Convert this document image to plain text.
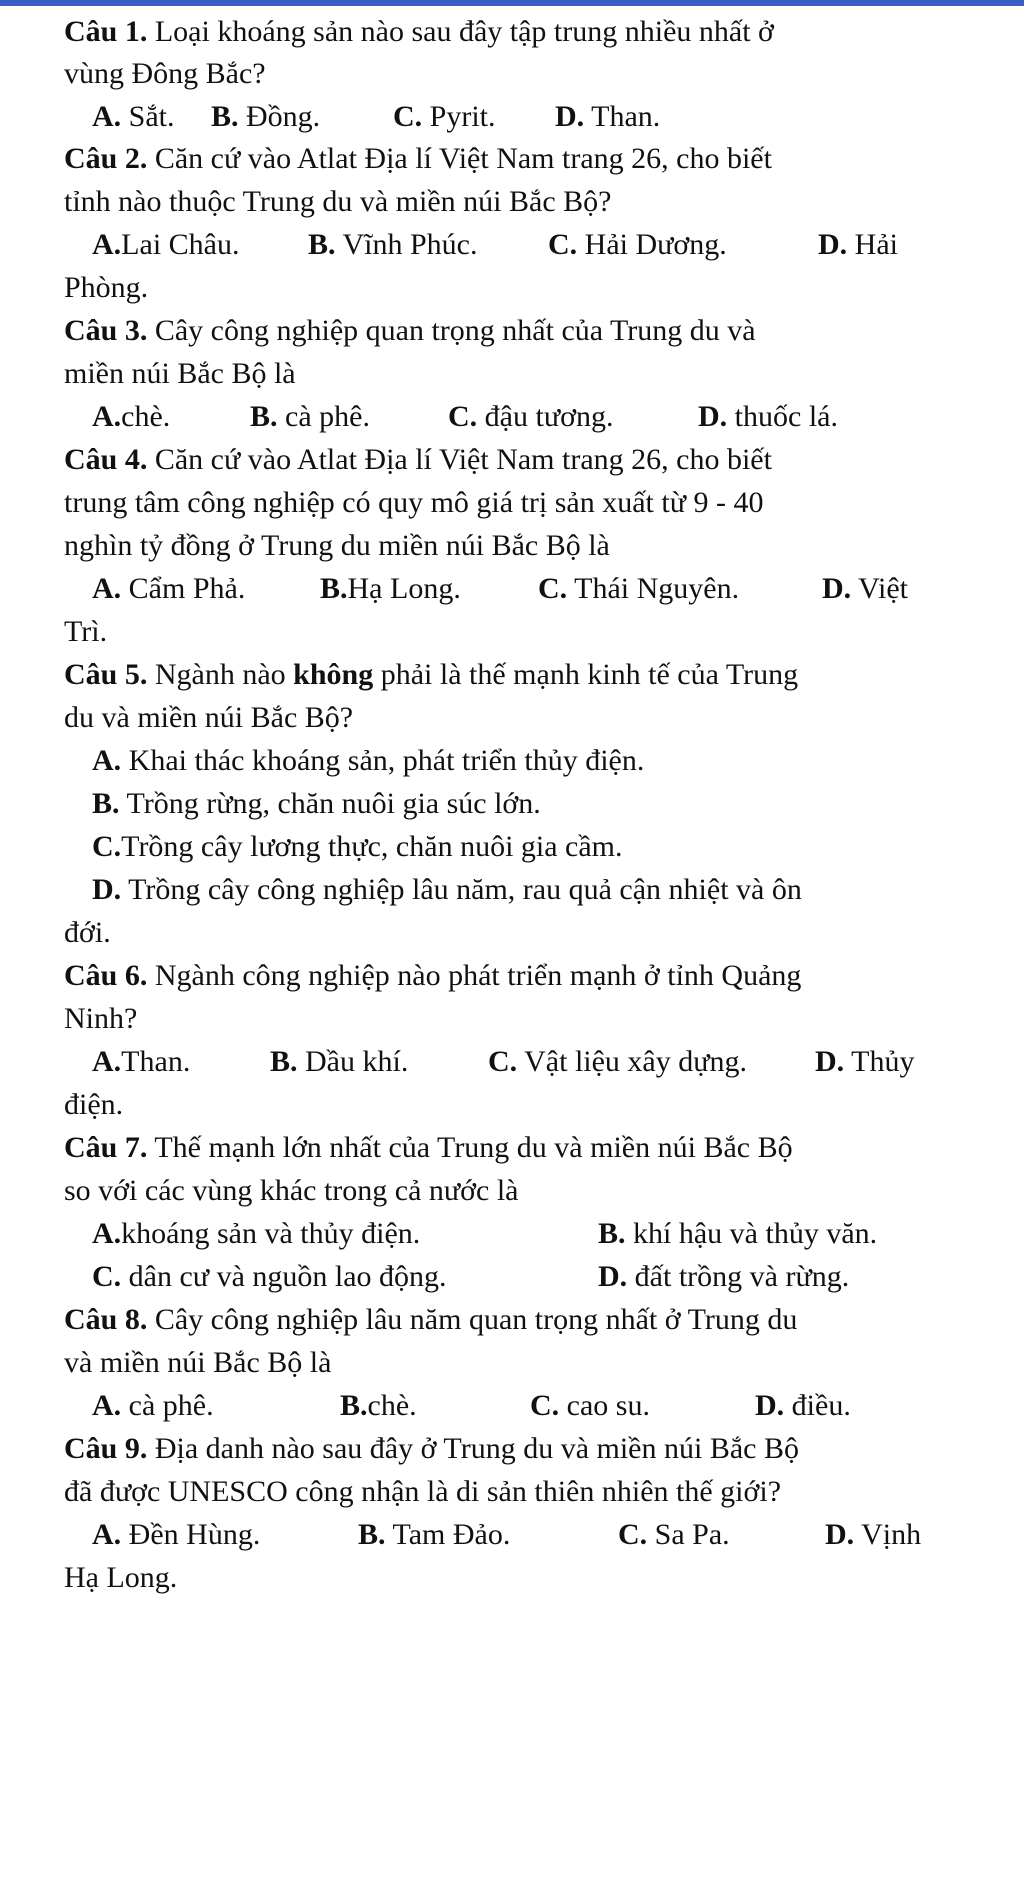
Câu 1. Loại khoáng sản nào sau đây tập trung nhiều nhất ở
vùng Đông Bắc?
A. Sắt. B. Đồng. C. Pyrit. D. Than.
Câu 2. Căn cứ vào Atlat Địa lí Việt Nam trang 26, cho biết
tỉnh nào thuộc Trung du và miền núi Bắc Bộ?
A.Lai Châu. B. Vĩnh Phúc. C. Hải Dương.	D. Hải
Phòng.
Câu 3. Cây công nghiệp quan trọng nhất của Trung du và
miền núi Bắc Bộ là
A.chè.	B. cà phê.	C. đậu tương.	D. thuốc lá.
Câu 4. Căn cứ vào Atlat Địa lí Việt Nam trang 26, cho biết
trung tâm công nghiệp có quy mô giá trị sản xuất từ 9 - 40
nghìn tỷ đồng ở Trung du miền núi Bắc Bộ là
A. Cẩm Phả. B.Hạ Long.	C. Thái Nguyên.	D. Việt
Trì.
Câu 5. Ngành nào không phải là thế mạnh kinh tế của Trung
du và miền núi Bắc Bộ?
A. Khai thác khoáng sản, phát triển thủy điện.
B. Trồng rừng, chăn nuôi gia súc lớn.
C.Trồng cây lương thực, chăn nuôi gia cầm.
D. Trồng cây công nghiệp lâu năm, rau quả cận nhiệt và ôn
đới.
Câu 6. Ngành công nghiệp nào phát triển mạnh ở tỉnh Quảng
Ninh?
A.Than.	B. Dầu khí.	C. Vật liệu xây dựng. D. Thủy
điện.
Câu 7. Thế mạnh lớn nhất của Trung du và miền núi Bắc Bộ
so với các vùng khác trong cả nước là
A.khoáng sản và thủy điện.	B. khí hậu và thủy văn.
C. dân cư và nguồn lao động.	D. đất trồng và rừng.
Câu 8. Cây công nghiệp lâu năm quan trọng nhất ở Trung du
và miền núi Bắc Bộ là
A. cà phê.	B.chè.	C. cao su.	D. điều.
Câu 9. Địa danh nào sau đây ở Trung du và miền núi Bắc Bộ
đã được UNESCO công nhận là di sản thiên nhiên thế giới?
A. Đền Hùng.	B. Tam Đảo.	C. Sa Pa.	D. Vịnh
Hạ Long.
